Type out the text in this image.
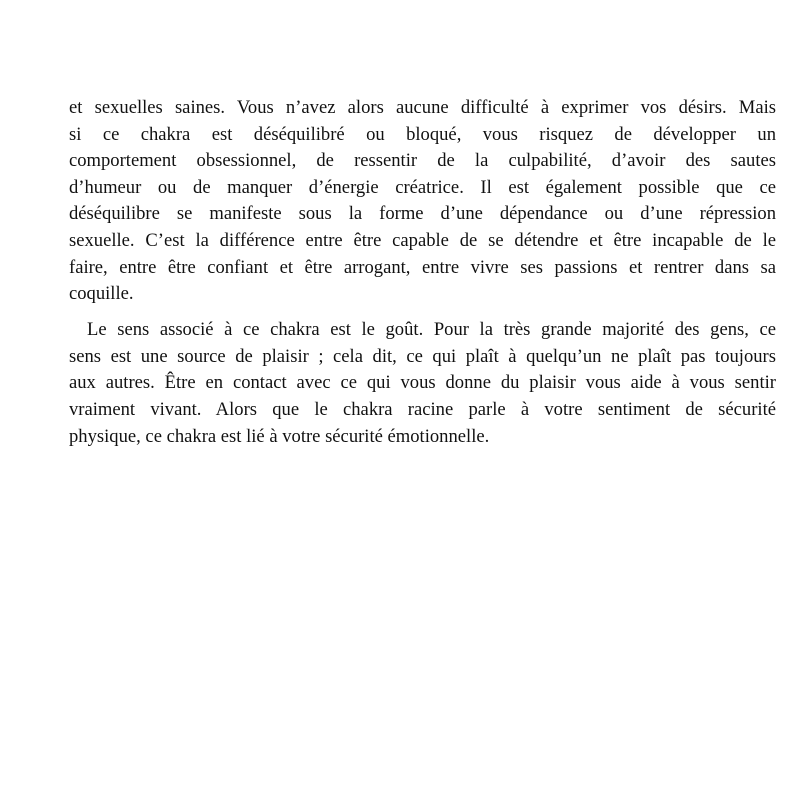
et sexuelles saines. Vous n’avez alors aucune difficulté à exprimer vos désirs. Mais
si ce chakra est déséquilibré ou bloqué, vous risquez de développer un
comportement obsessionnel, de ressentir de la culpabilité, d’avoir des sautes
d’humeur ou de manquer d’énergie créatrice. Il est également possible que ce
déséquilibre se manifeste sous la forme d’une dépendance ou d’une répression
sexuelle. C’est la différence entre être capable de se détendre et être incapable de le
faire, entre être confiant et être arrogant, entre vivre ses passions et rentrer dans sa
coquille.
Le sens associé à ce chakra est le goût. Pour la très grande majorité des gens, ce
sens est une source de plaisir ; cela dit, ce qui plaît à quelqu’un ne plaît pas toujours
aux autres. Être en contact avec ce qui vous donne du plaisir vous aide à vous sentir
vraiment vivant. Alors que le chakra racine parle à votre sentiment de sécurité
physique, ce chakra est lié à votre sécurité émotionnelle.
